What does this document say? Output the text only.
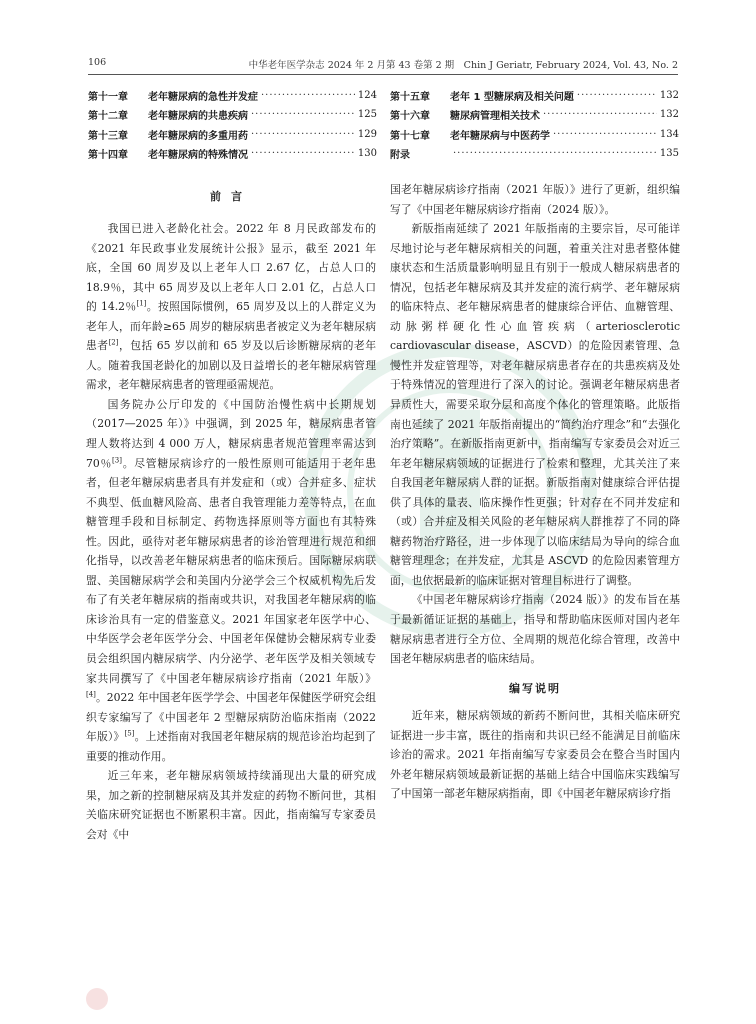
106	中华老年医学杂志 2024 年 2 月第 43 卷第 2 期　Chin J Geriatr, February 2024, Vol. 43, No. 2
第十一章	老年糖尿病的急性并发症 ·····	124
第十二章	老年糖尿病的共患疾病 ·····	125
第十三章	老年糖尿病的多重用药 ·····	129
第十四章	老年糖尿病的特殊情况 ·····	130
第十五章	老年 1 型糖尿病及相关问题 ·····	132
第十六章	糖尿病管理相关技术 ·····	132
第十七章	老年糖尿病与中医药学 ·····	134
附录 ·····	135
前言

我国已进入老龄化社会。2022 年 8 月民政部发布的《2021 年民政事业发展统计公报》显示，截至 2021 年底，全国 60 周岁及以上老年人口 2.67 亿，占总人口的 18.9％，其中 65 周岁及以上老年人口 2.01 亿，占总人口的 14.2％[1]。按照国际惯例，65 周岁及以上的人群定义为老年人，而年龄≥65 周岁的糖尿病患者被定义为老年糖尿病患者[2]，包括 65 岁以前和 65 岁及以后诊断糖尿病的老年人。随着我国老龄化的加剧以及日益增长的老年糖尿病管理需求，老年糖尿病患者的管理亟需规范。

国务院办公厅印发的《中国防治慢性病中长期规划（2017—2025 年）》中强调，到 2025 年，糖尿病患者管理人数将达到 4 000 万人，糖尿病患者规范管理率需达到 70％[3]。尽管糖尿病诊疗的一般性原则可能适用于老年患者，但老年糖尿病患者具有并发症和（或）合并症多、症状不典型、低血糖风险高、患者自我管理能力差等特点，在血糖管理手段和目标制定、药物选择原则等方面也有其特殊性。因此，亟待对老年糖尿病患者的诊治管理进行规范和细化指导，以改善老年糖尿病患者的临床预后。国际糖尿病联盟、美国糖尿病学会和美国内分泌学会三个权威机构先后发布了有关老年糖尿病的指南或共识，对我国老年糖尿病的临床诊治具有一定的借鉴意义。2021 年国家老年医学中心、中华医学会老年医学分会、中国老年保健协会糖尿病专业委员会组织国内糖尿病学、内分泌学、老年医学及相关领域专家共同撰写了《中国老年糖尿病诊疗指南（2021 年版）》[4]。2022 年中国老年医学学会、中国老年保健医学研究会组织专家编写了《中国老年 2 型糖尿病防治临床指南（2022 年版）》[5]。上述指南对我国老年糖尿病的规范诊治均起到了重要的推动作用。

近三年来，老年糖尿病领域持续涌现出大量的研究成果，加之新的控制糖尿病及其并发症的药物不断问世，其相关临床研究证据也不断累积丰富。因此，指南编写专家委员会对《中

国老年糖尿病诊疗指南（2021 年版）》进行了更新，组织编写了《中国老年糖尿病诊疗指南（2024 版）》。

新版指南延续了 2021 年版指南的主要宗旨，尽可能详尽地讨论与老年糖尿病相关的问题，着重关注对患者整体健康状态和生活质量影响明显且有别于一般成人糖尿病患者的情况，包括老年糖尿病及其并发症的流行病学、老年糖尿病的临床特点、老年糖尿病患者的健康综合评估、血糖管理、动脉粥样硬化性心血管疾病（arteriosclerotic cardiovascular disease，ASCVD）的危险因素管理、急慢性并发症管理等，对老年糖尿病患者存在的共患疾病及处于特殊情况的管理进行了深入的讨论。强调老年糖尿病患者异质性大，需要采取分层和高度个体化的管理策略。此版指南也延续了 2021 年版指南提出的“简约治疗理念”和“去强化治疗策略”。在新版指南更新中，指南编写专家委员会对近三年老年糖尿病领域的证据进行了检索和整理，尤其关注了来自我国老年糖尿病人群的证据。新版指南对健康综合评估提供了具体的量表、临床操作性更强；针对存在不同并发症和（或）合并症及相关风险的老年糖尿病人群推荐了不同的降糖药物治疗路径，进一步体现了以临床结局为导向的综合血糖管理理念；在并发症，尤其是 ASCVD 的危险因素管理方面，也依据最新的临床证据对管理目标进行了调整。

《中国老年糖尿病诊疗指南（2024 版）》的发布旨在基于最新循证证据的基础上，指导和帮助临床医师对国内老年糖尿病患者进行全方位、全周期的规范化综合管理，改善中国老年糖尿病患者的临床结局。

编写说明

近年来，糖尿病领域的新药不断问世，其相关临床研究证据进一步丰富，既往的指南和共识已经不能满足目前临床诊治的需求。2021 年指南编写专家委员会在整合当时国内外老年糖尿病领域最新证据的基础上结合中国临床实践编写了中国第一部老年糖尿病指南，即《中国老年糖尿病诊疗指
